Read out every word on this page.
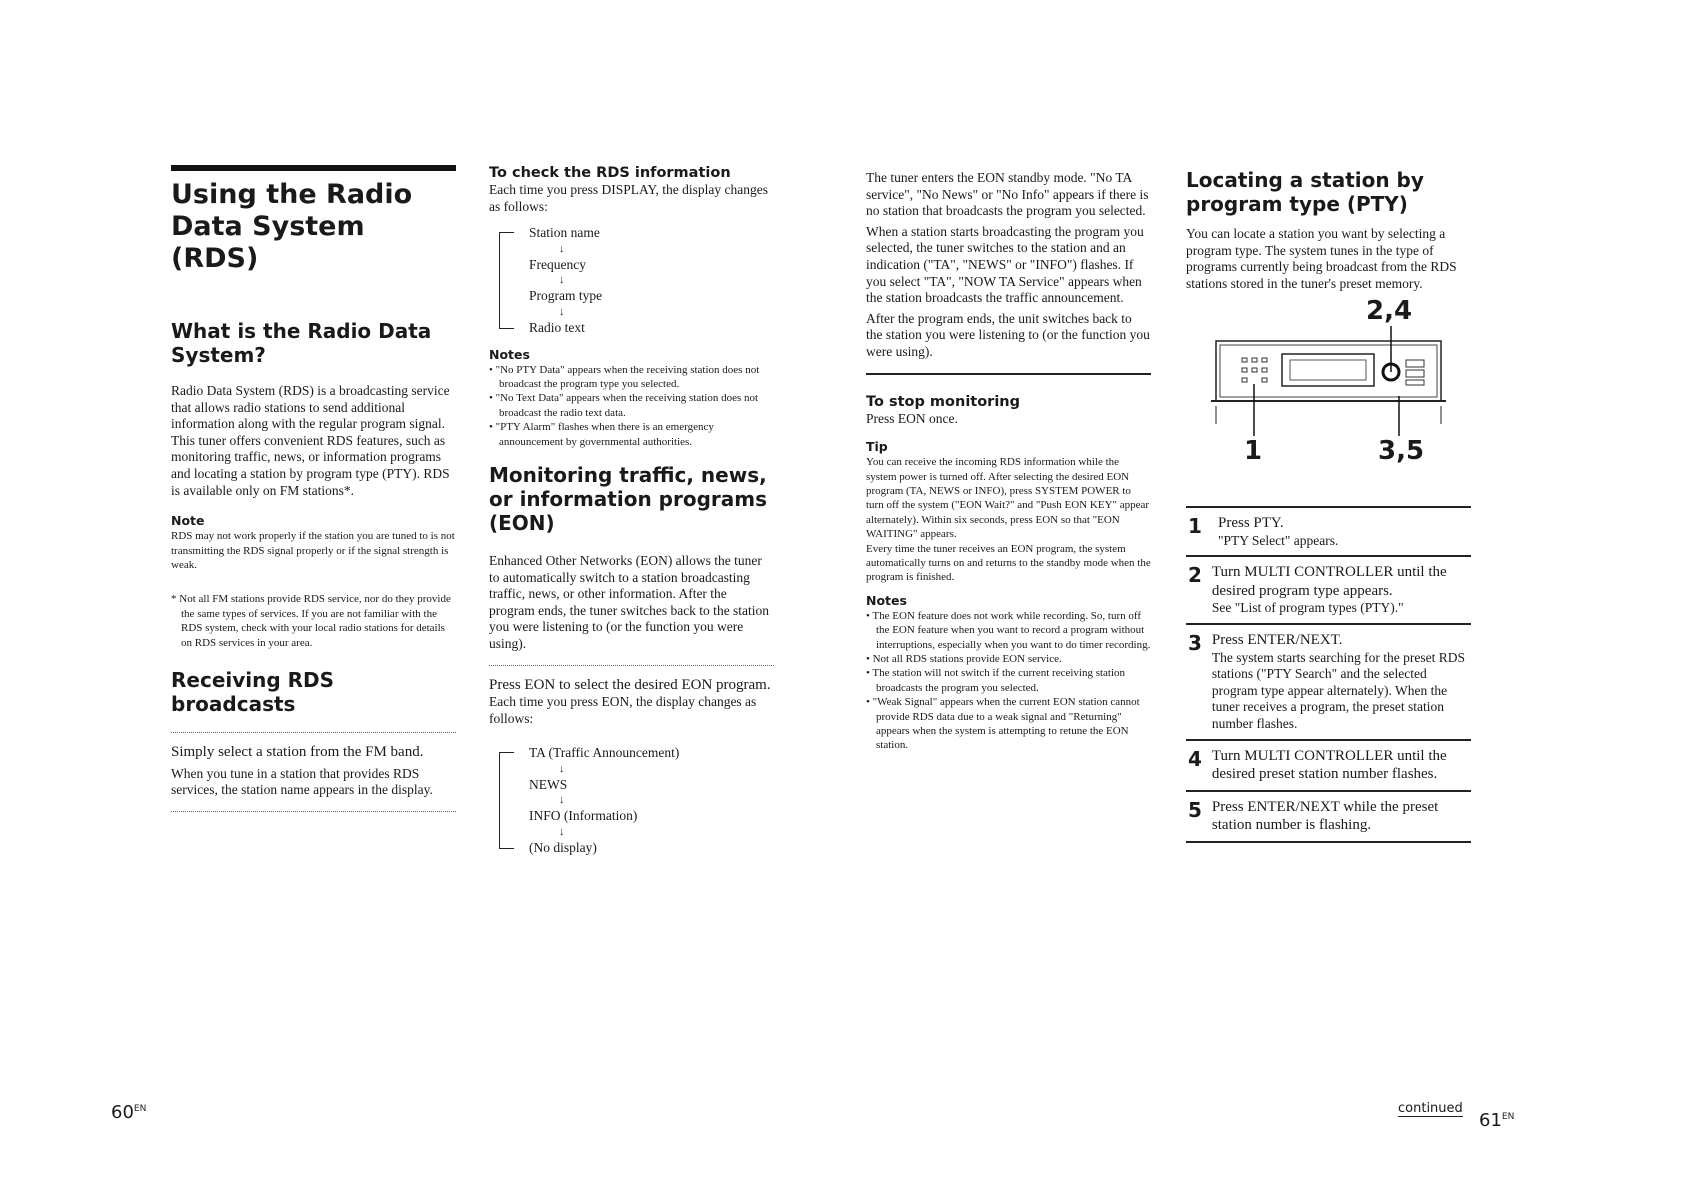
Using the Radio Data System (RDS)
What is the Radio Data System?

Radio Data System (RDS) is a broadcasting service that allows radio stations to send additional information along with the regular program signal. This tuner offers convenient RDS features, such as monitoring traffic, news, or information programs and locating a station by program type (PTY). RDS is available only on FM stations*.

Note

RDS may not work properly if the station you are tuned to is not transmitting the RDS signal properly or if the signal strength is weak.

* Not all FM stations provide RDS service, nor do they provide the same types of services. If you are not familiar with the RDS system, check with your local radio stations for details on RDS services in your area.

Receiving RDS broadcasts

Simply select a station from the FM band.

When you tune in a station that provides RDS services, the station name appears in the display.

To check the RDS information

Each time you press DISPLAY, the display changes as follows:

Station name
↓
Frequency
↓
Program type
↓
Radio text
Notes
• "No PTY Data" appears when the receiving station does not broadcast the program type you selected.
• "No Text Data" appears when the receiving station does not broadcast the radio text data.
• "PTY Alarm" flashes when there is an emergency announcement by governmental authorities.
Monitoring traffic, news, or information programs (EON)

Enhanced Other Networks (EON) allows the tuner to automatically switch to a station broadcasting traffic, news, or other information. After the program ends, the tuner switches back to the station you were listening to (or the function you were using).

Press EON to select the desired EON program.

Each time you press EON, the display changes as follows:

TA (Traffic Announcement)
↓
NEWS
↓
INFO (Information)
↓
(No display)

The tuner enters the EON standby mode. "No TA service", "No News" or "No Info" appears if there is no station that broadcasts the program you selected.

When a station starts broadcasting the program you selected, the tuner switches to the station and an indication ("TA", "NEWS" or "INFO") flashes. If you select "TA", "NOW TA Service" appears when the station broadcasts the traffic announcement.

After the program ends, the unit switches back to the station you were listening to (or the function you were using).

To stop monitoring

Press EON once.

Tip

You can receive the incoming RDS information while the system power is turned off. After selecting the desired EON program (TA, NEWS or INFO), press SYSTEM POWER to turn off the system ("EON Wait?" and "Push EON KEY" appear alternately). Within six seconds, press EON so that "EON WAITING" appears.

Every time the tuner receives an EON program, the system automatically turns on and returns to the standby mode when the program is finished.

Notes
• The EON feature does not work while recording. So, turn off the EON feature when you want to record a program without interruptions, especially when you want to do timer recording.
• Not all RDS stations provide EON service.
• The station will not switch if the current receiving station broadcasts the program you selected.
• "Weak Signal" appears when the current EON station cannot provide RDS data due to a weak signal and "Returning" appears when the system is attempting to retune the EON station.
Locating a station by program type (PTY)

You can locate a station you want by selecting a program type. The system tunes in the type of programs currently being broadcast from the RDS stations stored in the tuner's preset memory.

2,4
1	3,5
1	Press PTY.

"PTY Select" appears.

2 Turn MULTI CONTROLLER until the desired program type appears.

See "List of program types (PTY)."

3 Press ENTER/NEXT.

The system starts searching for the preset RDS stations ("PTY Search" and the selected program type appear alternately). When the tuner receives a program, the preset station number flashes.

4 Turn MULTI CONTROLLER until the desired preset station number flashes.

5 Press ENTER/NEXT while the preset station number is flashing.

$60^{EN}$	continued
$61^{EN}$
